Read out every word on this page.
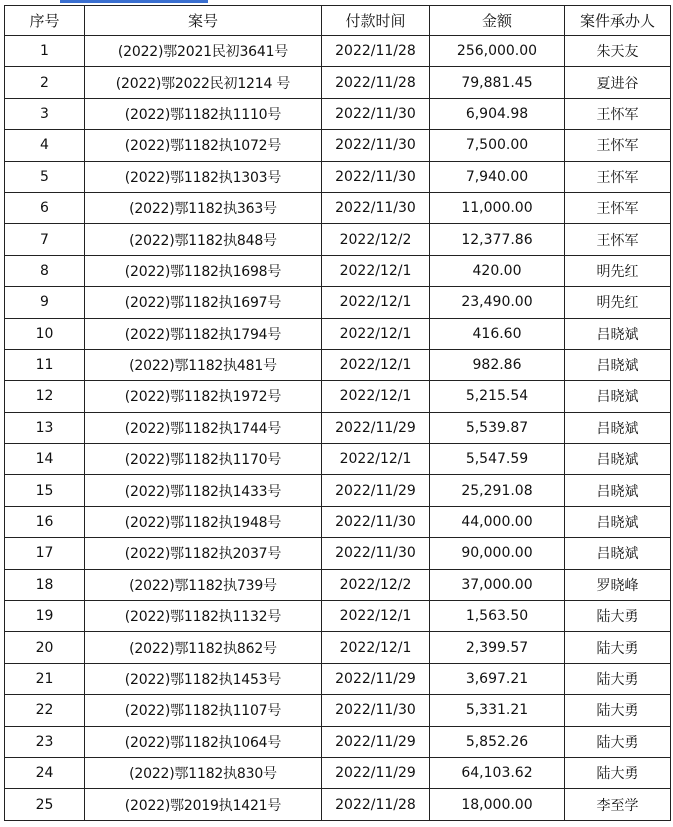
序号	案号	付款时间	金额	案件承办人
1	(2022)鄂2021民初3641号	2022/11/28	256,000.00	朱天友
2	(2022)鄂2022民初1214 号	2022/11/28	79,881.45	夏进谷
3	(2022)鄂1182执1110号	2022/11/30	6,904.98	王怀军
4	(2022)鄂1182执1072号	2022/11/30	7,500.00	王怀军
5	(2022)鄂1182执1303号	2022/11/30	7,940.00	王怀军
6	(2022)鄂1182执363号	2022/11/30	11,000.00	王怀军
7	(2022)鄂1182执848号	2022/12/2	12,377.86	王怀军
8	(2022)鄂1182执1698号	2022/12/1	420.00	明先红
9	(2022)鄂1182执1697号	2022/12/1	23,490.00	明先红
10	(2022)鄂1182执1794号	2022/12/1	416.60	吕晓斌
11	(2022)鄂1182执481号	2022/12/1	982.86	吕晓斌
12	(2022)鄂1182执1972号	2022/12/1	5,215.54	吕晓斌
13	(2022)鄂1182执1744号	2022/11/29	5,539.87	吕晓斌
14	(2022)鄂1182执1170号	2022/12/1	5,547.59	吕晓斌
15	(2022)鄂1182执1433号	2022/11/29	25,291.08	吕晓斌
16	(2022)鄂1182执1948号	2022/11/30	44,000.00	吕晓斌
17	(2022)鄂1182执2037号	2022/11/30	90,000.00	吕晓斌
18	(2022)鄂1182执739号	2022/12/2	37,000.00	罗晓峰
19	(2022)鄂1182执1132号	2022/12/1	1,563.50	陆大勇
20	(2022)鄂1182执862号	2022/12/1	2,399.57	陆大勇
21	(2022)鄂1182执1453号	2022/11/29	3,697.21	陆大勇
22	(2022)鄂1182执1107号	2022/11/30	5,331.21	陆大勇
23	(2022)鄂1182执1064号	2022/11/29	5,852.26	陆大勇
24	(2022)鄂1182执830号	2022/11/29	64,103.62	陆大勇
25	(2022)鄂2019执1421号	2022/11/28	18,000.00	李至学
